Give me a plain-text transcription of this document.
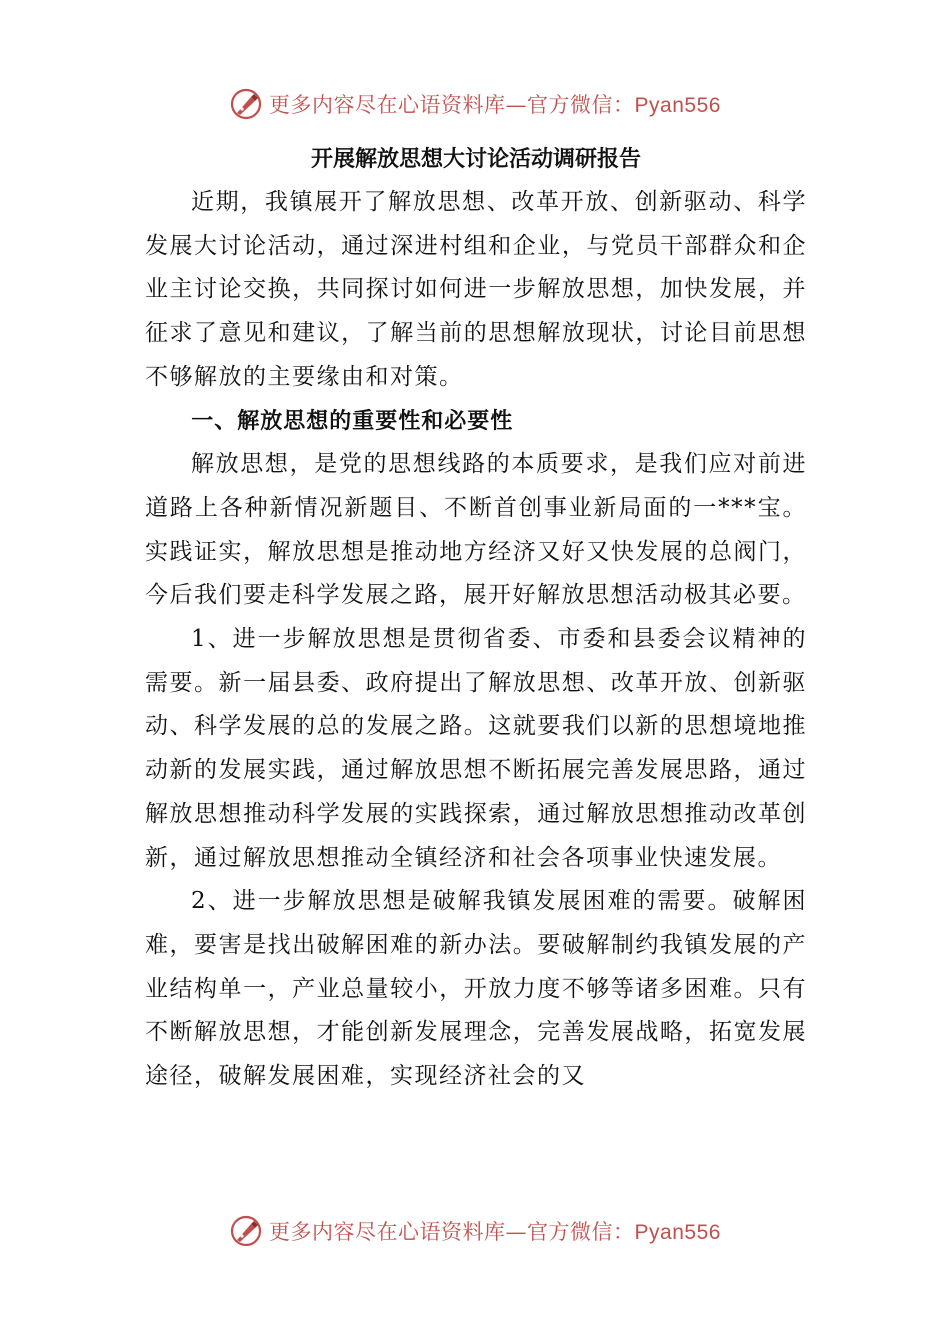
更多内容尽在心语资料库—官方微信：Pyan556
开展解放思想大讨论活动调研报告

近期，我镇展开了解放思想、改革开放、创新驱动、科学发展大讨论活动，通过深进村组和企业，与党员干部群众和企业主讨论交换，共同探讨如何进一步解放思想，加快发展，并征求了意见和建议，了解当前的思想解放现状，讨论目前思想不够解放的主要缘由和对策。

一、解放思想的重要性和必要性

解放思想，是党的思想线路的本质要求，是我们应对前进道路上各种新情况新题目、不断首创事业新局面的一***宝。实践证实，解放思想是推动地方经济又好又快发展的总阀门，今后我们要走科学发展之路，展开好解放思想活动极其必要。

1、进一步解放思想是贯彻省委、市委和县委会议精神的需要。新一届县委、政府提出了解放思想、改革开放、创新驱动、科学发展的总的发展之路。这就要我们以新的思想境地推动新的发展实践，通过解放思想不断拓展完善发展思路，通过解放思想推动科学发展的实践探索，通过解放思想推动改革创新，通过解放思想推动全镇经济和社会各项事业快速发展。

2、进一步解放思想是破解我镇发展困难的需要。破解困难，要害是找出破解困难的新办法。要破解制约我镇发展的产业结构单一，产业总量较小，开放力度不够等诸多困难。只有不断解放思想，才能创新发展理念，完善发展战略，拓宽发展途径，破解发展困难，实现经济社会的又

更多内容尽在心语资料库—官方微信：Pyan556
